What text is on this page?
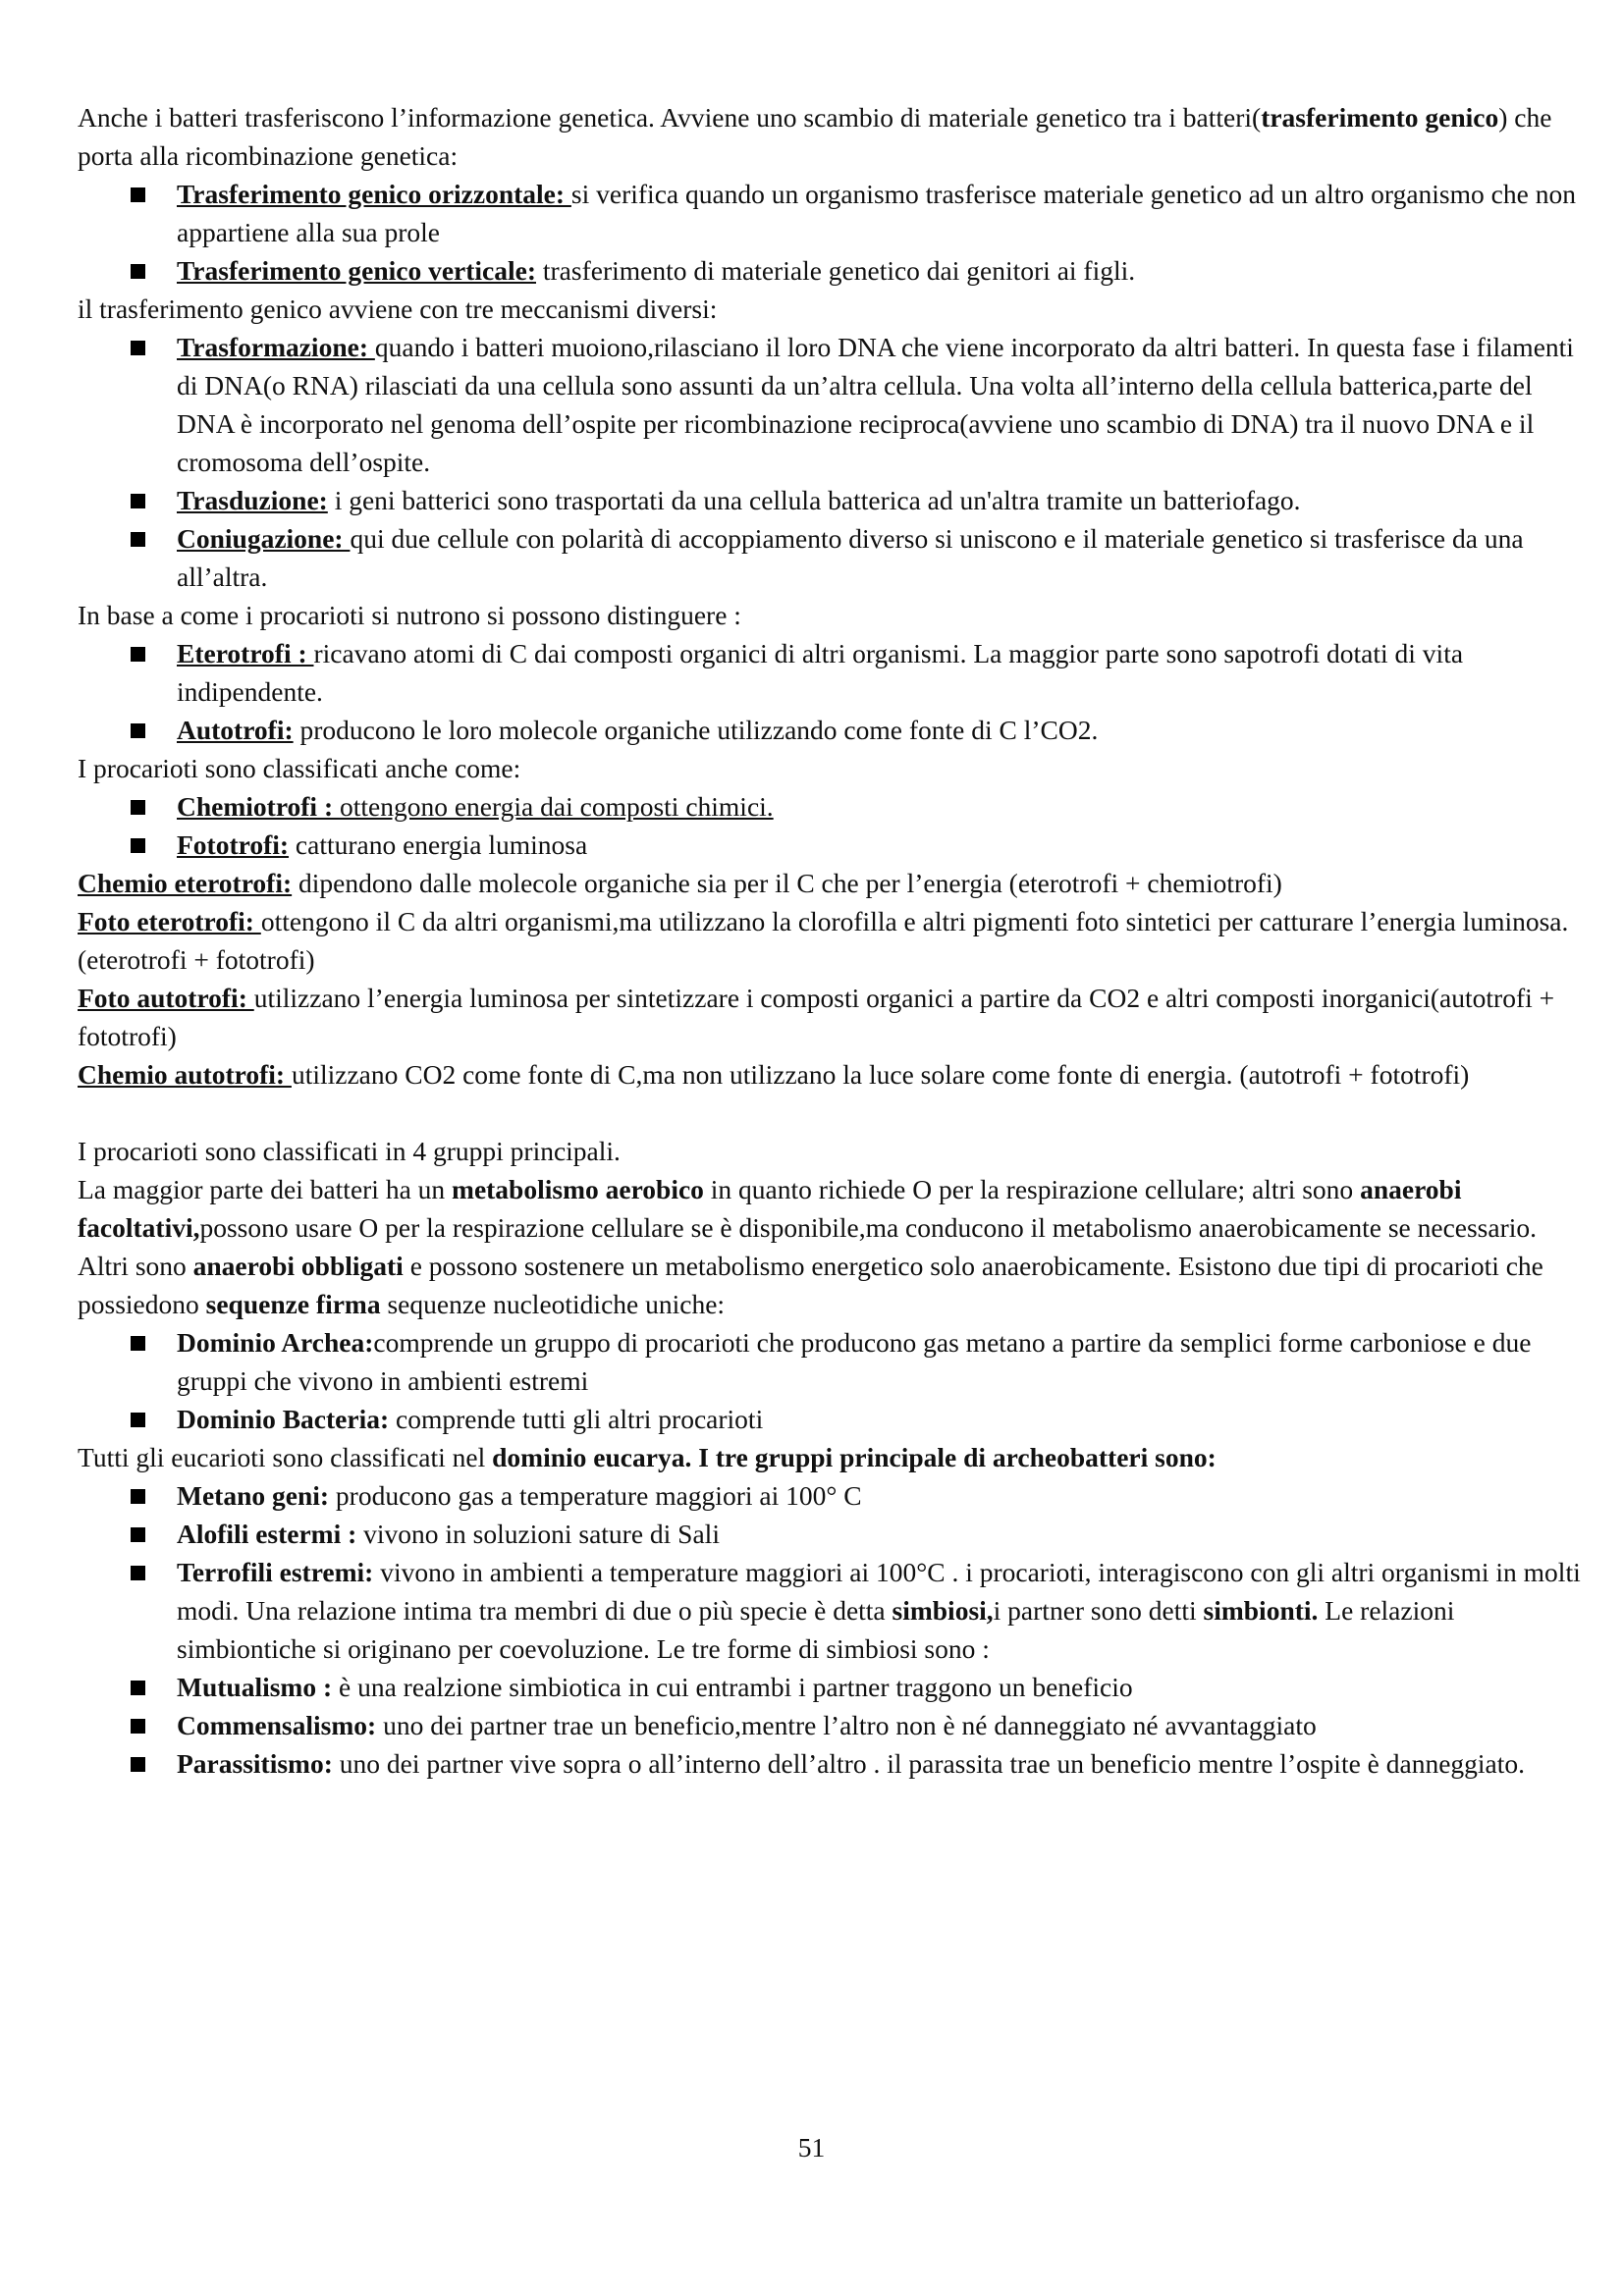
Anche i batteri trasferiscono l’informazione genetica. Avviene uno scambio di materiale genetico tra i batteri(trasferimento genico) che porta alla ricombinazione genetica:

Trasferimento genico orizzontale: si verifica quando un organismo trasferisce materiale genetico ad un altro organismo che non appartiene alla sua prole
Trasferimento genico verticale: trasferimento di materiale genetico dai genitori ai figli.

il trasferimento genico avviene con tre meccanismi diversi:

Trasformazione: quando i batteri muoiono,rilasciano il loro DNA che viene incorporato da altri batteri. In questa fase i filamenti di DNA(o RNA) rilasciati da una cellula sono assunti da un’altra cellula. Una volta all’interno della cellula batterica,parte del DNA è incorporato nel genoma dell’ospite per ricombinazione reciproca(avviene uno scambio di DNA) tra il nuovo DNA e il cromosoma dell’ospite.
Trasduzione: i geni batterici sono trasportati da una cellula batterica ad un'altra tramite un batteriofago.
Coniugazione: qui due cellule con polarità di accoppiamento diverso si uniscono e il materiale genetico si trasferisce da una all’altra.

In base a come i procarioti si nutrono si possono distinguere :

Eterotrofi : ricavano atomi di C dai composti organici di altri organismi. La maggior parte sono sapotrofi dotati di vita indipendente.
Autotrofi: producono le loro molecole organiche utilizzando come fonte di C l’CO2.

I procarioti sono classificati anche come:

Chemiotrofi : ottengono energia dai composti chimici.
Fototrofi: catturano energia luminosa

Chemio eterotrofi: dipendono dalle molecole organiche sia per il C che per l’energia (eterotrofi + chemiotrofi)

Foto eterotrofi: ottengono il C da altri organismi,ma utilizzano la clorofilla e altri pigmenti foto sintetici per catturare l’energia luminosa.(eterotrofi + fototrofi)

Foto autotrofi: utilizzano l’energia luminosa per sintetizzare i composti organici a partire da CO2 e altri composti inorganici(autotrofi + fototrofi)

Chemio autotrofi: utilizzano CO2 come fonte di C,ma non utilizzano la luce solare come fonte di energia. (autotrofi + fototrofi)

I procarioti sono classificati in 4 gruppi principali.

La maggior parte dei batteri ha un metabolismo aerobico in quanto richiede O per la respirazione cellulare; altri sono anaerobi facoltativi,possono usare O per la respirazione cellulare se è disponibile,ma conducono il metabolismo anaerobicamente se necessario.

Altri sono anaerobi obbligati e possono sostenere un metabolismo energetico solo anaerobicamente. Esistono due tipi di procarioti che possiedono sequenze firma sequenze nucleotidiche uniche:

Dominio Archea:comprende un gruppo di procarioti che producono gas metano a partire da semplici forme carboniose e due gruppi che vivono in ambienti estremi
Dominio Bacteria: comprende tutti gli altri procarioti

Tutti gli eucarioti sono classificati nel dominio eucarya. I tre gruppi principale di archeobatteri sono:

Metano geni: producono gas a temperature maggiori ai 100° C
Alofili estermi : vivono in soluzioni sature di Sali
Terrofili estremi: vivono in ambienti a temperature maggiori ai 100°C . i procarioti, interagiscono con gli altri organismi in molti modi. Una relazione intima tra membri di due o più specie è detta simbiosi,i partner sono detti simbionti. Le relazioni simbiontiche si originano per coevoluzione. Le tre forme di simbiosi sono :
Mutualismo : è una realzione simbiotica in cui entrambi i partner traggono un beneficio
Commensalismo: uno dei partner trae un beneficio,mentre l’altro non è né danneggiato né avvantaggiato
Parassitismo: uno dei partner vive sopra o all’interno dell’altro . il parassita trae un beneficio mentre l’ospite è danneggiato.
51
